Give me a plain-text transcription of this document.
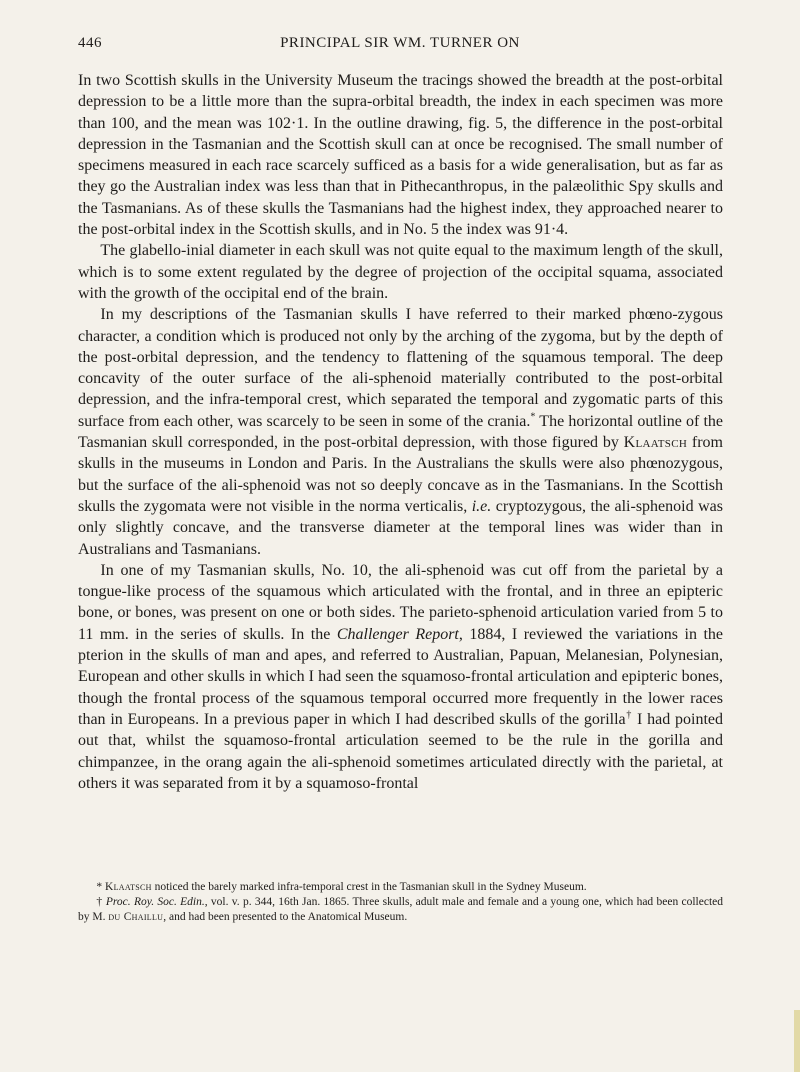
446	PRINCIPAL SIR WM. TURNER ON

In two Scottish skulls in the University Museum the tracings showed the breadth at the post-orbital depression to be a little more than the supra-orbital breadth, the index in each specimen was more than 100, and the mean was 102·1. In the outline drawing, fig. 5, the difference in the post-orbital depression in the Tasmanian and the Scottish skull can at once be recognised. The small number of specimens measured in each race scarcely sufficed as a basis for a wide generalisation, but as far as they go the Australian index was less than that in Pithecanthropus, in the palæolithic Spy skulls and the Tasmanians. As of these skulls the Tasmanians had the highest index, they approached nearer to the post-orbital index in the Scottish skulls, and in No. 5 the index was 91·4.

The glabello-inial diameter in each skull was not quite equal to the maximum length of the skull, which is to some extent regulated by the degree of projection of the occipital squama, associated with the growth of the occipital end of the brain.

In my descriptions of the Tasmanian skulls I have referred to their marked phœno-zygous character, a condition which is produced not only by the arching of the zygoma, but by the depth of the post-orbital depression, and the tendency to flattening of the squamous temporal. The deep concavity of the outer surface of the ali-sphenoid materially contributed to the post-orbital depression, and the infra-temporal crest, which separated the temporal and zygomatic parts of this surface from each other, was scarcely to be seen in some of the crania.* The horizontal outline of the Tasmanian skull corresponded, in the post-orbital depression, with those figured by Klaatsch from skulls in the museums in London and Paris. In the Australians the skulls were also phœnozygous, but the surface of the ali-sphenoid was not so deeply concave as in the Tasmanians. In the Scottish skulls the zygomata were not visible in the norma verticalis, i.e. cryptozygous, the ali-sphenoid was only slightly concave, and the transverse diameter at the temporal lines was wider than in Australians and Tasmanians.

In one of my Tasmanian skulls, No. 10, the ali-sphenoid was cut off from the parietal by a tongue-like process of the squamous which articulated with the frontal, and in three an epipteric bone, or bones, was present on one or both sides. The parieto-sphenoid articulation varied from 5 to 11 mm. in the series of skulls. In the Challenger Report, 1884, I reviewed the variations in the pterion in the skulls of man and apes, and referred to Australian, Papuan, Melanesian, Polynesian, European and other skulls in which I had seen the squamoso-frontal articulation and epipteric bones, though the frontal process of the squamous temporal occurred more frequently in the lower races than in Europeans. In a previous paper in which I had described skulls of the gorilla† I had pointed out that, whilst the squamoso-frontal articulation seemed to be the rule in the gorilla and chimpanzee, in the orang again the ali-sphenoid sometimes articulated directly with the parietal, at others it was separated from it by a squamoso-frontal

* Klaatsch noticed the barely marked infra-temporal crest in the Tasmanian skull in the Sydney Museum.

† Proc. Roy. Soc. Edin., vol. v. p. 344, 16th Jan. 1865. Three skulls, adult male and female and a young one, which had been collected by M. du Chaillu, and had been presented to the Anatomical Museum.
